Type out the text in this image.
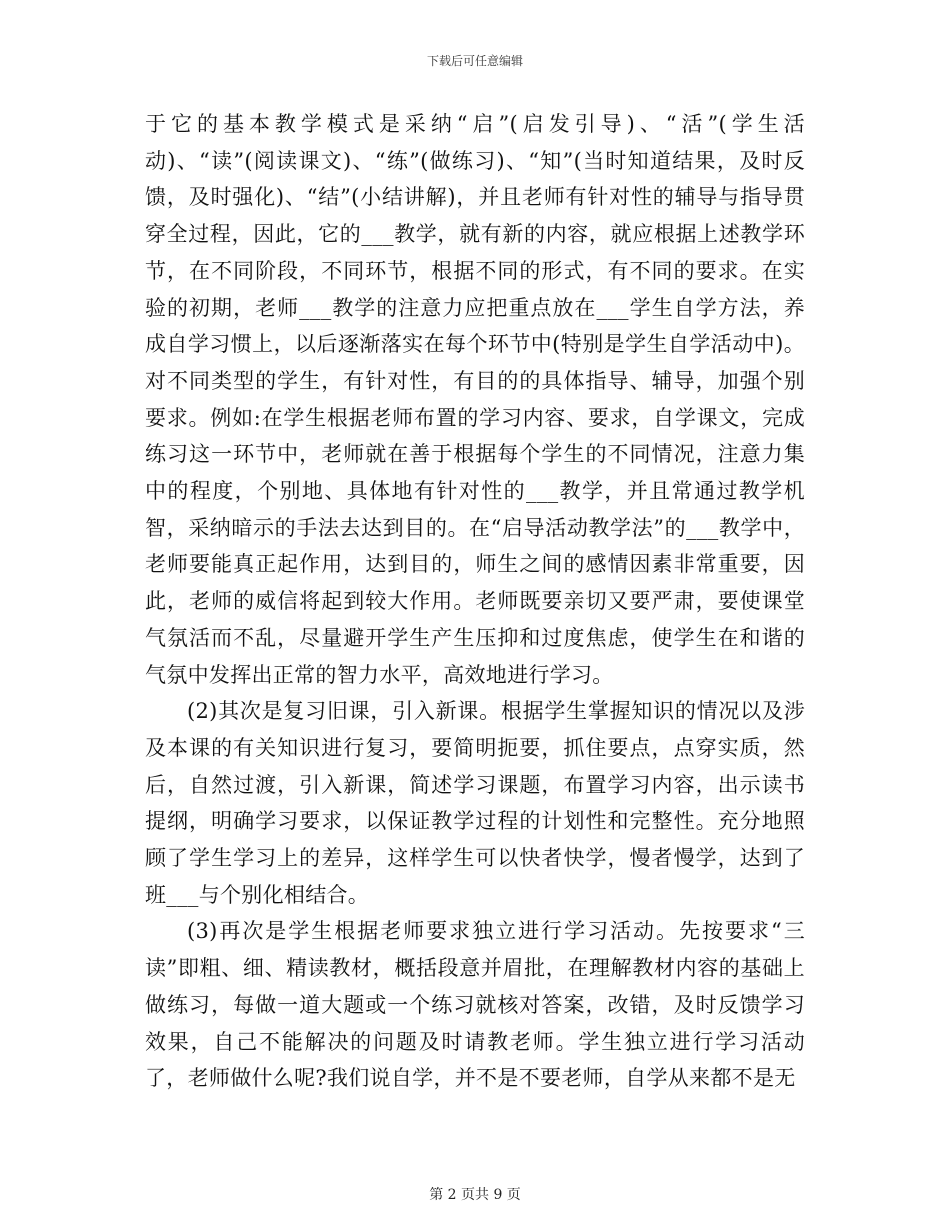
下载后可任意编辑

于它的基本教学模式是采纳“启”(启发引导)、“活”(学生活动)、“读”(阅读课文)、“练”(做练习)、“知”(当时知道结果，及时反馈，及时强化)、“结”(小结讲解)，并且老师有针对性的辅导与指导贯穿全过程，因此，它的___教学，就有新的内容，就应根据上述教学环节，在不同阶段，不同环节，根据不同的形式，有不同的要求。在实验的初期，老师___教学的注意力应把重点放在___学生自学方法，养成自学习惯上，以后逐渐落实在每个环节中(特别是学生自学活动中)。对不同类型的学生，有针对性，有目的的具体指导、辅导，加强个别要求。例如:在学生根据老师布置的学习内容、要求，自学课文，完成练习这一环节中，老师就在善于根据每个学生的不同情况，注意力集中的程度，个别地、具体地有针对性的___教学，并且常通过教学机智，采纳暗示的手法去达到目的。在“启导活动教学法”的___教学中，老师要能真正起作用，达到目的，师生之间的感情因素非常重要，因此，老师的威信将起到较大作用。老师既要亲切又要严肃，要使课堂气氛活而不乱，尽量避开学生产生压抑和过度焦虑，使学生在和谐的气氛中发挥出正常的智力水平，高效地进行学习。

(2)其次是复习旧课，引入新课。根据学生掌握知识的情况以及涉及本课的有关知识进行复习，要简明扼要，抓住要点，点穿实质，然后，自然过渡，引入新课，简述学习课题，布置学习内容，出示读书提纲，明确学习要求，以保证教学过程的计划性和完整性。充分地照顾了学生学习上的差异，这样学生可以快者快学，慢者慢学，达到了班___与个别化相结合。

(3)再次是学生根据老师要求独立进行学习活动。先按要求“三读”即粗、细、精读教材，概括段意并眉批，在理解教材内容的基础上做练习，每做一道大题或一个练习就核对答案，改错，及时反馈学习效果，自己不能解决的问题及时请教老师。学生独立进行学习活动了，老师做什么呢?我们说自学，并不是不要老师，自学从来都不是无

第 2 页共 9 页
